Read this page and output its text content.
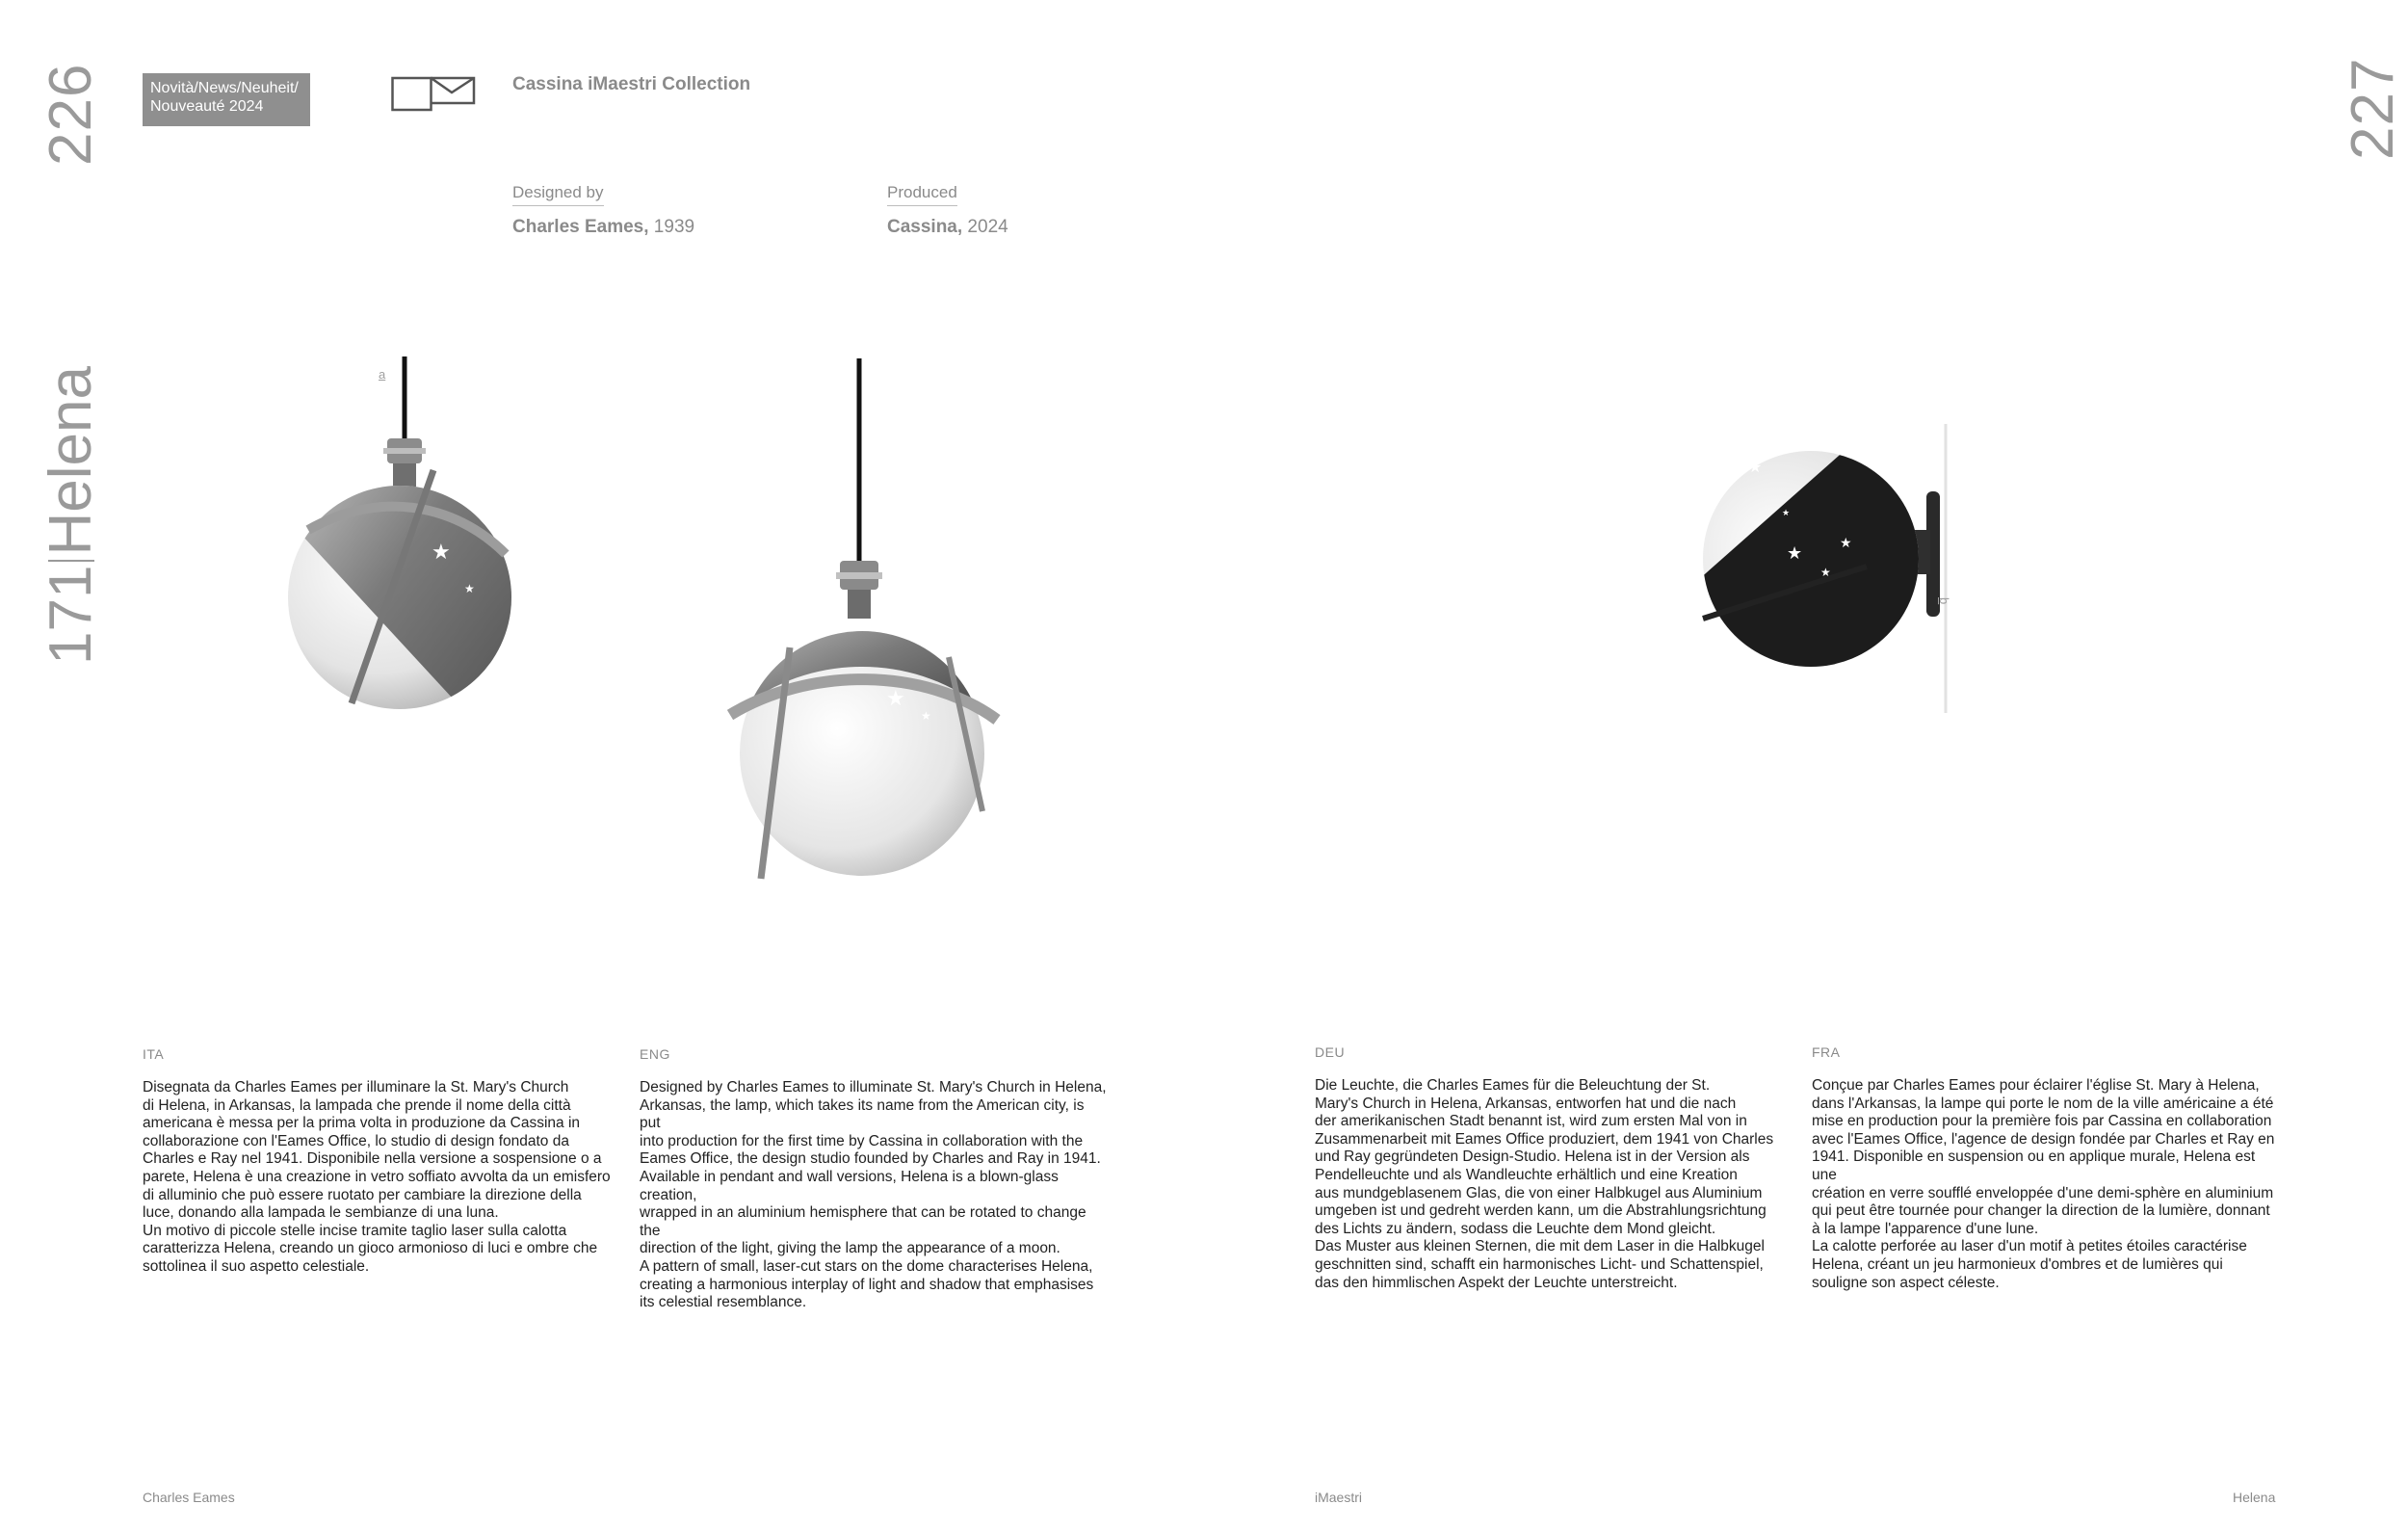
226	227
171Helena
Novità/News/Neuheit/
Nouveauté 2024
Cassina iMaestri Collection
Designed by
Charles Eames, 1939
Produced
Cassina, 2024
★
★
★
★
★
★
★
★
★
a
b
ITA
Disegnata da Charles Eames per illuminare la St. Mary's Church
di Helena, in Arkansas, la lampada che prende il nome della città
americana è messa per la prima volta in produzione da Cassina in
collaborazione con l'Eames Office, lo studio di design fondato da
Charles e Ray nel 1941. Disponibile nella versione a sospensione o a
parete, Helena è una creazione in vetro soffiato avvolta da un emisfero
di alluminio che può essere ruotato per cambiare la direzione della
luce, donando alla lampada le sembianze di una luna.
Un motivo di piccole stelle incise tramite taglio laser sulla calotta
caratterizza Helena, creando un gioco armonioso di luci e ombre che
sottolinea il suo aspetto celestiale.
ENG
Designed by Charles Eames to illuminate St. Mary's Church in Helena,
Arkansas, the lamp, which takes its name from the American city, is put
into production for the first time by Cassina in collaboration with the
Eames Office, the design studio founded by Charles and Ray in 1941.
Available in pendant and wall versions, Helena is a blown-glass creation,
wrapped in an aluminium hemisphere that can be rotated to change the
direction of the light, giving the lamp the appearance of a moon.
A pattern of small, laser-cut stars on the dome characterises Helena,
creating a harmonious interplay of light and shadow that emphasises
its celestial resemblance.
DEU
Die Leuchte, die Charles Eames für die Beleuchtung der St.
Mary's Church in Helena, Arkansas, entworfen hat und die nach
der amerikanischen Stadt benannt ist, wird zum ersten Mal von in
Zusammenarbeit mit Eames Office produziert, dem 1941 von Charles
und Ray gegründeten Design-Studio. Helena ist in der Version als
Pendelleuchte und als Wandleuchte erhältlich und eine Kreation
aus mundgeblasenem Glas, die von einer Halbkugel aus Aluminium
umgeben ist und gedreht werden kann, um die Abstrahlungsrichtung
des Lichts zu ändern, sodass die Leuchte dem Mond gleicht.
Das Muster aus kleinen Sternen, die mit dem Laser in die Halbkugel
geschnitten sind, schafft ein harmonisches Licht- und Schattenspiel,
das den himmlischen Aspekt der Leuchte unterstreicht.
FRA
Conçue par Charles Eames pour éclairer l'église St. Mary à Helena,
dans l'Arkansas, la lampe qui porte le nom de la ville américaine a été
mise en production pour la première fois par Cassina en collaboration
avec l'Eames Office, l'agence de design fondée par Charles et Ray en
1941. Disponible en suspension ou en applique murale, Helena est une
création en verre soufflé enveloppée d'une demi-sphère en aluminium
qui peut être tournée pour changer la direction de la lumière, donnant
à la lampe l'apparence d'une lune.
La calotte perforée au laser d'un motif à petites étoiles caractérise
Helena, créant un jeu harmonieux d'ombres et de lumières qui
souligne son aspect céleste.
Charles Eames	iMaestri	Helena
